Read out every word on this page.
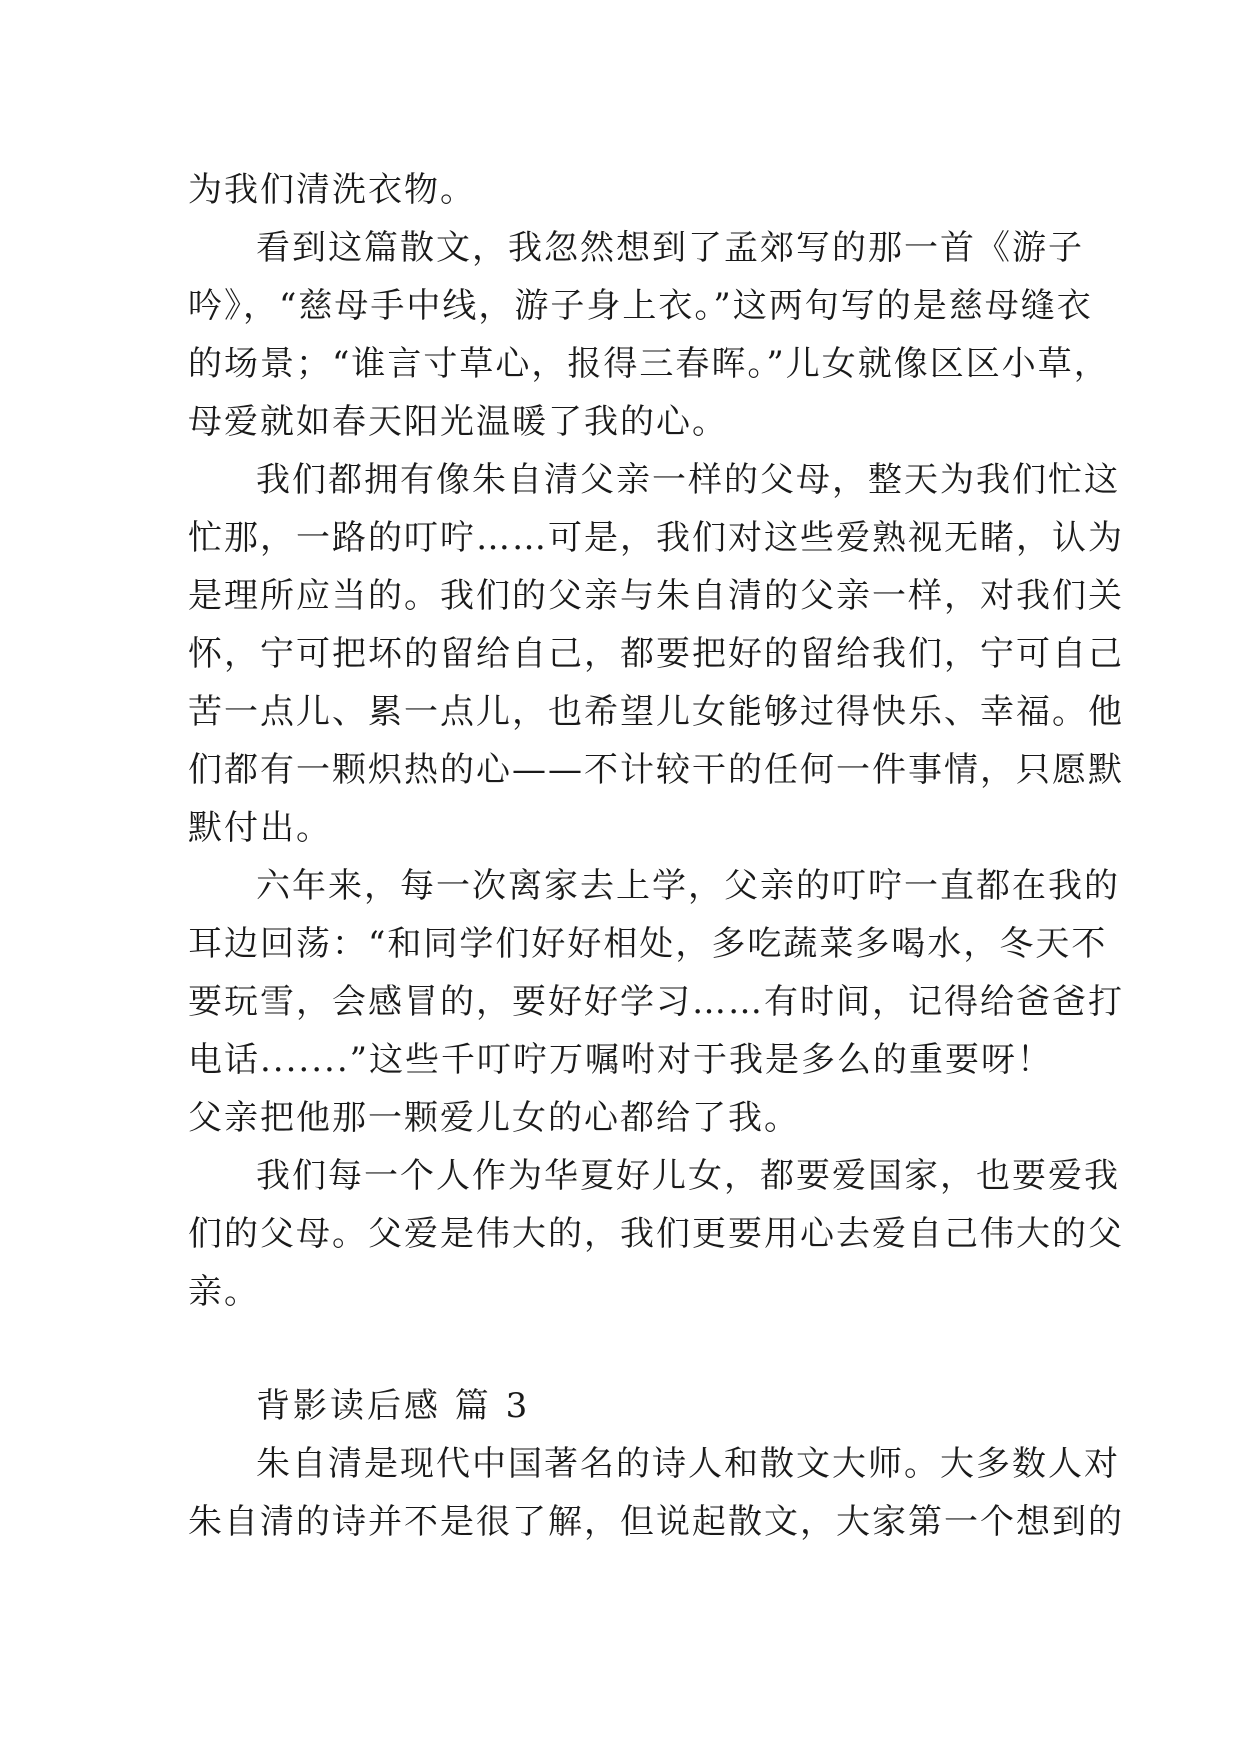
为我们清洗衣物。
看到这篇散文，我忽然想到了孟郊写的那一首《游子
吟》，“慈母手中线，游子身上衣。”这两句写的是慈母缝衣
的场景；“谁言寸草心，报得三春晖。”儿女就像区区小草，
母爱就如春天阳光温暖了我的心。
我们都拥有像朱自清父亲一样的父母，整天为我们忙这
忙那，一路的叮咛……可是，我们对这些爱熟视无睹，认为
是理所应当的。我们的父亲与朱自清的父亲一样，对我们关
怀，宁可把坏的留给自己，都要把好的留给我们，宁可自己
苦一点儿、累一点儿，也希望儿女能够过得快乐、幸福。他
们都有一颗炽热的心——不计较干的任何一件事情，只愿默
默付出。
六年来，每一次离家去上学，父亲的叮咛一直都在我的
耳边回荡：“和同学们好好相处，多吃蔬菜多喝水，冬天不
要玩雪，会感冒的，要好好学习……有时间，记得给爸爸打
电话.......”这些千叮咛万嘱咐对于我是多么的重要呀！
父亲把他那一颗爱儿女的心都给了我。
我们每一个人作为华夏好儿女，都要爱国家，也要爱我
们的父母。父爱是伟大的，我们更要用心去爱自己伟大的父
亲。
背影读后感 篇 3
朱自清是现代中国著名的诗人和散文大师。大多数人对
朱自清的诗并不是很了解，但说起散文，大家第一个想到的
